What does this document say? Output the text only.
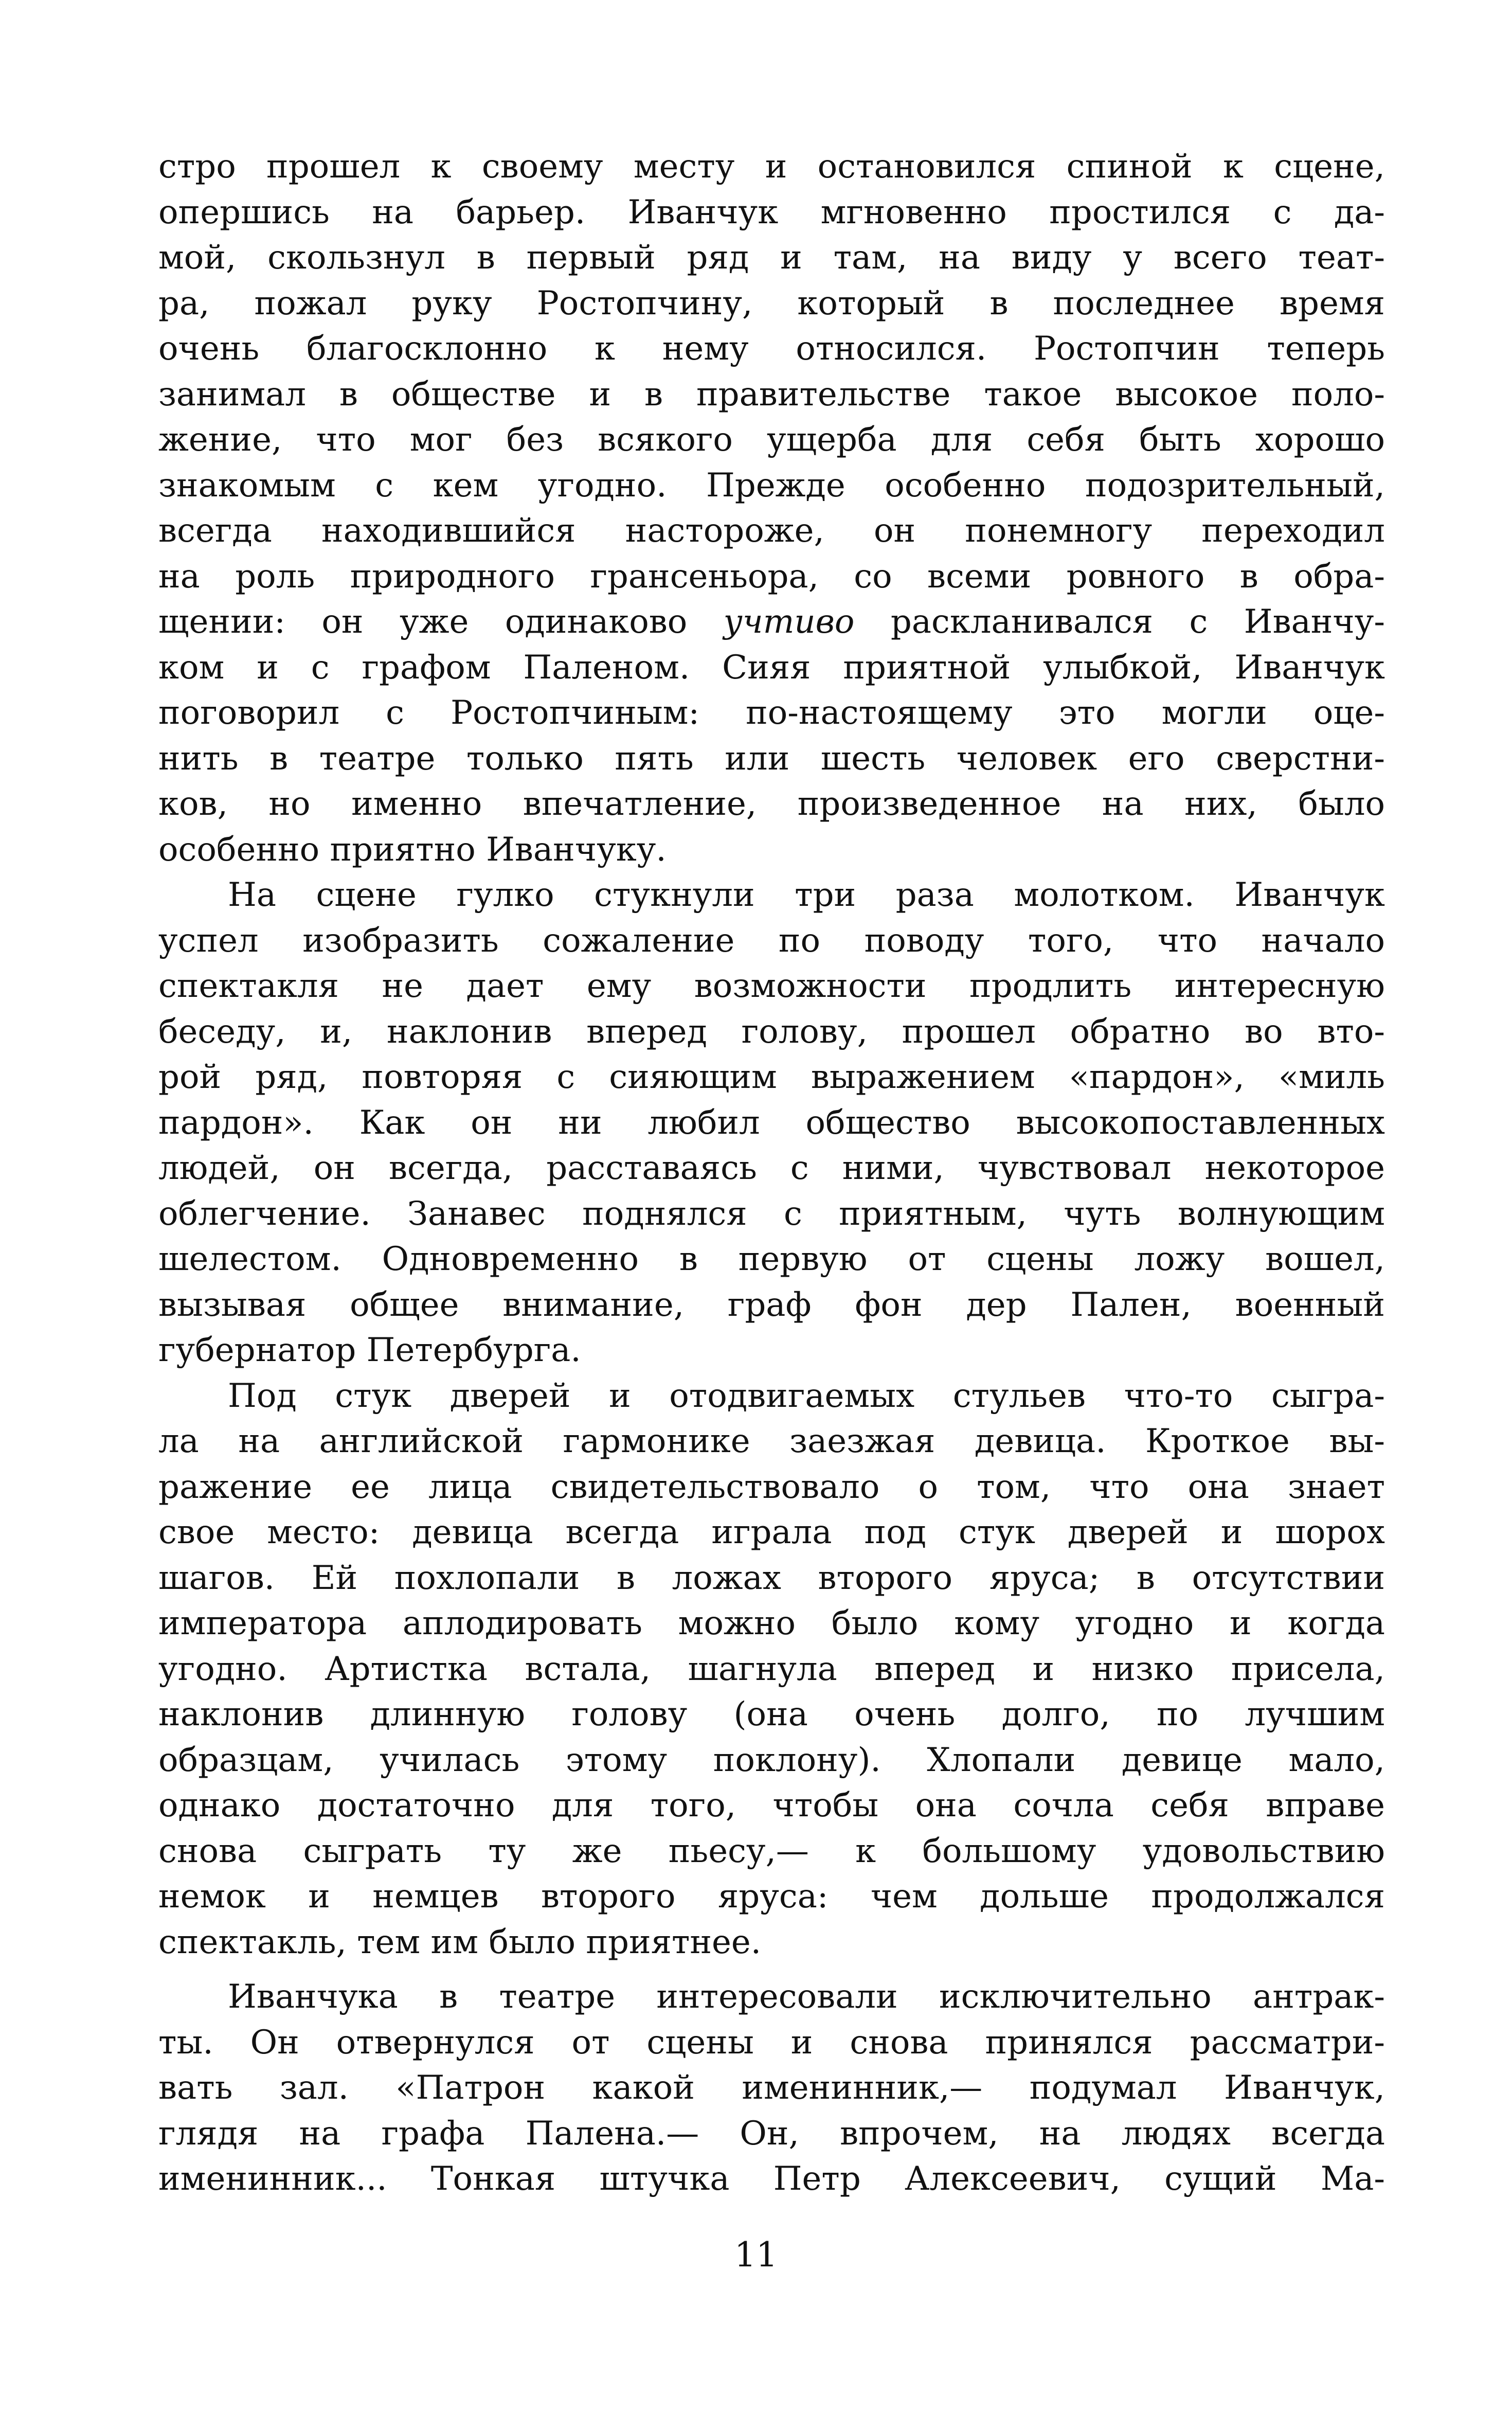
стро прошел к своему месту и остановился спиной к сцене,
опершись на барьер. Иванчук мгновенно простился с да-
мой, скользнул в первый ряд и там, на виду у всего теат-
ра, пожал руку Ростопчину, который в последнее время
очень благосклонно к нему относился. Ростопчин теперь
занимал в обществе и в правительстве такое высокое поло-
жение, что мог без всякого ущерба для себя быть хорошо
знакомым с кем угодно. Прежде особенно подозрительный,
всегда находившийся настороже, он понемногу переходил
на роль природного грансеньора, со всеми ровного в обра-
щении: он уже одинаково учтиво раскланивался с Иванчу-
ком и с графом Паленом. Сияя приятной улыбкой, Иванчук
поговорил с Ростопчиным: по-настоящему это могли оце-
нить в театре только пять или шесть человек его сверстни-
ков, но именно впечатление, произведенное на них, было
особенно приятно Иванчуку.
На сцене гулко стукнули три раза молотком. Иванчук
успел изобразить сожаление по поводу того, что начало
спектакля не дает ему возможности продлить интересную
беседу, и, наклонив вперед голову, прошел обратно во вто-
рой ряд, повторяя с сияющим выражением «пардон», «миль
пардон». Как он ни любил общество высокопоставленных
людей, он всегда, расставаясь с ними, чувствовал некоторое
облегчение. Занавес поднялся с приятным, чуть волнующим
шелестом. Одновременно в первую от сцены ложу вошел,
вызывая общее внимание, граф фон дер Пален, военный
губернатор Петербурга.
Под стук дверей и отодвигаемых стульев что-то сыгра-
ла на английской гармонике заезжая девица. Кроткое вы-
ражение ее лица свидетельствовало о том, что она знает
свое место: девица всегда играла под стук дверей и шорох
шагов. Ей похлопали в ложах второго яруса; в отсутствии
императора аплодировать можно было кому угодно и когда
угодно. Артистка встала, шагнула вперед и низко присела,
наклонив длинную голову (она очень долго, по лучшим
образцам, училась этому поклону). Хлопали девице мало,
однако достаточно для того, чтобы она сочла себя вправе
снова сыграть ту же пьесу,— к большому удовольствию
немок и немцев второго яруса: чем дольше продолжался
спектакль, тем им было приятнее.
Иванчука в театре интересовали исключительно антрак-
ты. Он отвернулся от сцены и снова принялся рассматри-
вать зал. «Патрон какой именинник,— подумал Иванчук,
глядя на графа Палена.— Он, впрочем, на людях всегда
именинник... Тонкая штучка Петр Алексеевич, сущий Ма-
11
